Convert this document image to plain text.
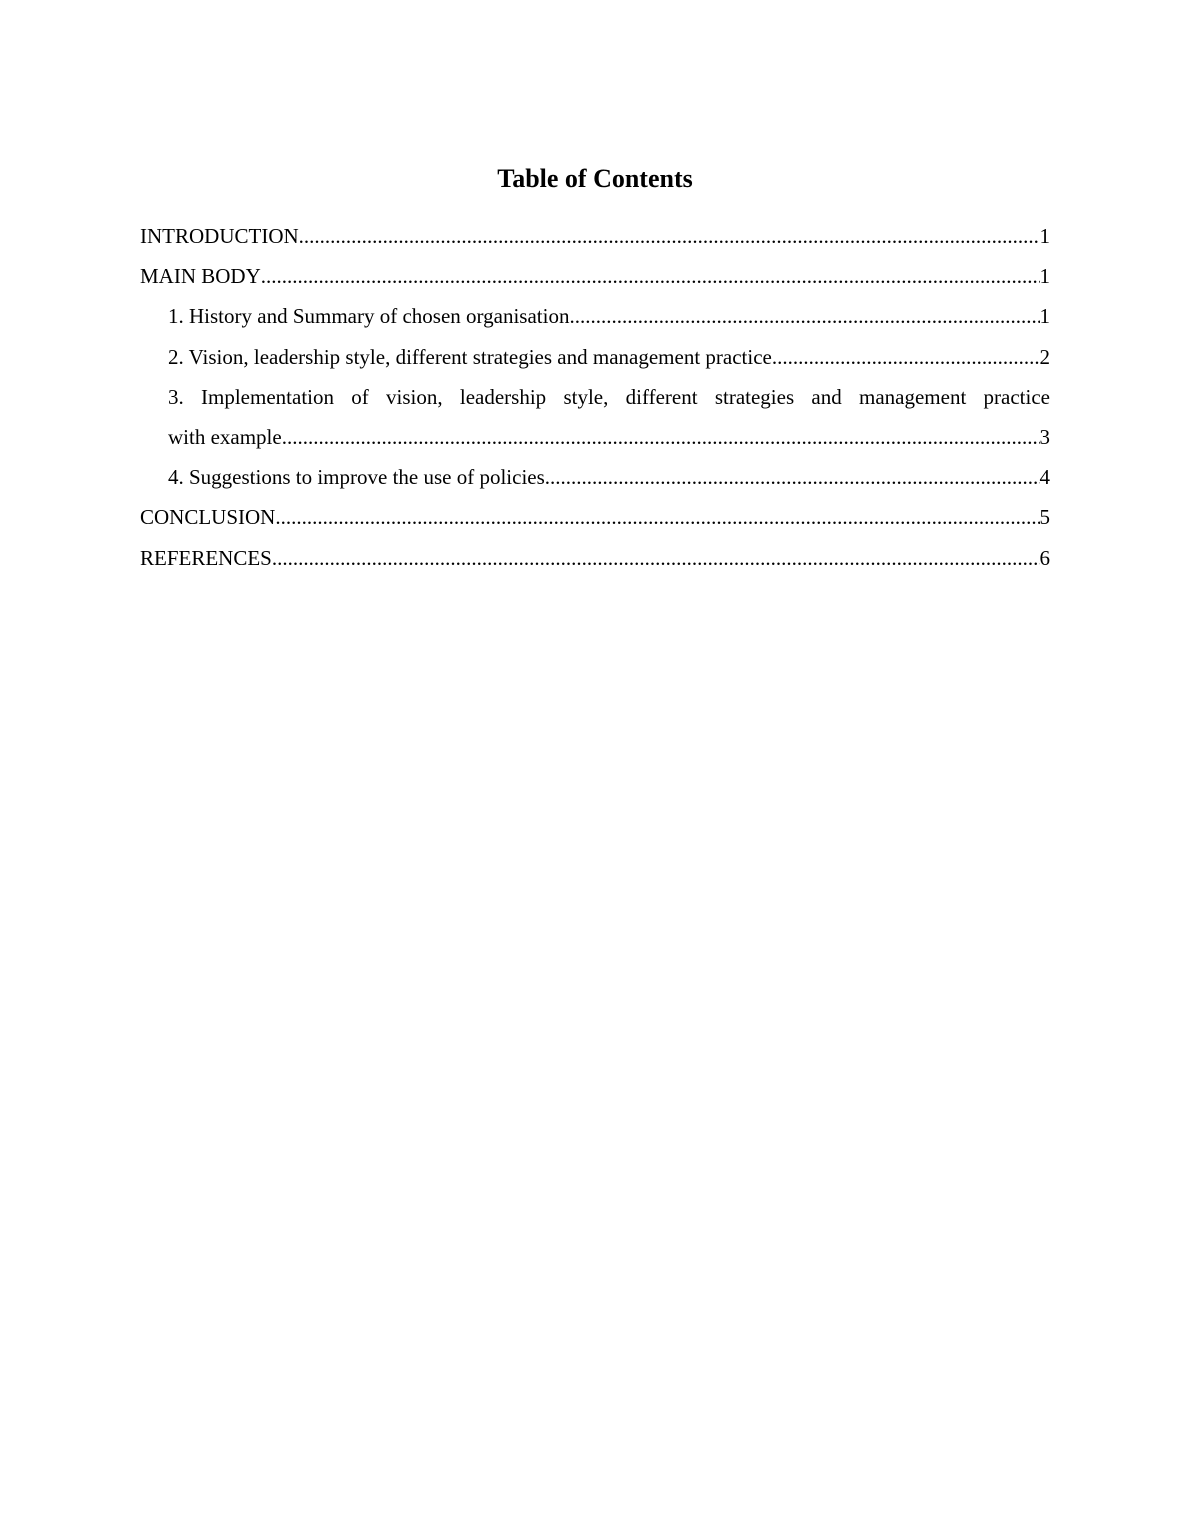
Table of Contents
INTRODUCTION .....	1
MAIN BODY .....	1
1. History and Summary of chosen organisation .....	1
2. Vision, leadership style, different strategies and management practice .....	2
3. Implementation of vision, leadership style, different strategies and management practice
with example .....	3
4. Suggestions to improve the use of policies .....	4
CONCLUSION .....	5
REFERENCES .....	6
